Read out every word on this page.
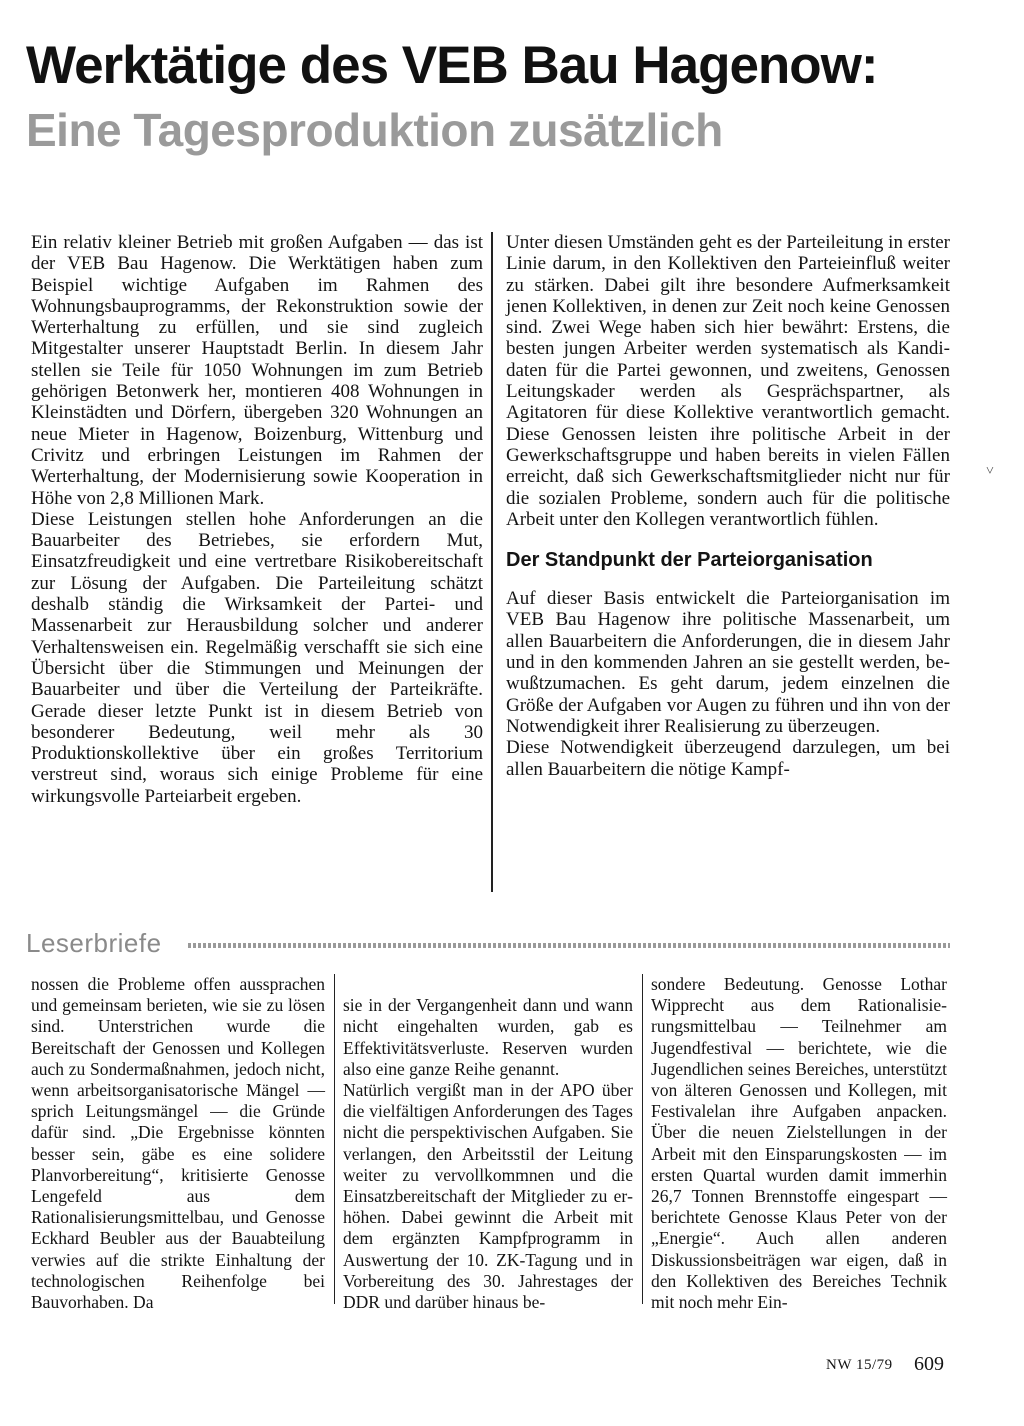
Werktätige des VEB Bau Hagenow:
Eine Tagesproduktion zusätzlich

Ein relativ kleiner Betrieb mit großen Aufgaben — das ist der VEB Bau Hagenow. Die Werktätigen haben zum Beispiel wichtige Aufgaben im Rahmen des Wohnungsbauprogramms, der Rekonstruktion sowie der Werterhaltung zu erfüllen, und sie sind zugleich Mitgestalter unserer Hauptstadt Berlin. In diesem Jahr stellen sie Teile für 1050 Wohnungen im zum Betrieb gehörigen Betonwerk her, montieren 408 Wohnungen in Kleinstädten und Dörfern, übergeben 320 Wohnungen an neue Mieter in Hagenow, Boizenburg, Wittenburg und Crivitz und erbringen Leistungen im Rahmen der Werterhaltung, der Modernisierung sowie Kooperation in Höhe von 2,8 Millionen Mark.

Diese Leistungen stellen hohe Anforderungen an die Bauarbeiter des Betriebes, sie erfordern Mut, Einsatzfreudigkeit und eine vertretbare Risikobereitschaft zur Lösung der Aufgaben. Die Parteileitung schätzt deshalb ständig die Wirksamkeit der Partei- und Massenarbeit zur Herausbildung solcher und anderer Verhaltensweisen ein. Regelmäßig verschafft sie sich eine Übersicht über die Stimmungen und Meinungen der Bauarbeiter und über die Verteilung der Parteikräfte. Gerade dieser letzte Punkt ist in diesem Betrieb von besonderer Bedeutung, weil mehr als 30 Produktionskollektive über ein großes Territorium verstreut sind, woraus sich einige Probleme für eine wirkungsvolle Parteiarbeit ergeben.

Unter diesen Umständen geht es der Parteileitung in erster Linie darum, in den Kollektiven den Parteieinfluß weiter zu stärken. Dabei gilt ihre besondere Aufmerksamkeit jenen Kollektiven, in denen zur Zeit noch keine Genossen sind. Zwei Wege haben sich hier bewährt: Erstens, die besten jungen Arbeiter werden systematisch als Kandidaten für die Partei gewonnen, und zweitens, Genossen Leitungskader werden als Gesprächspartner, als Agitatoren für diese Kollektive verantwortlich gemacht. Diese Genossen leisten ihre politische Arbeit in der Gewerkschaftsgruppe und haben bereits in vielen Fällen erreicht, daß sich Gewerkschaftsmitglieder nicht nur für die sozialen Probleme, sondern auch für die politische Arbeit unter den Kollegen verantwortlich fühlen.

Der Standpunkt der Parteiorganisation

Auf dieser Basis entwickelt die Parteiorganisation im VEB Bau Hagenow ihre politische Massenarbeit, um allen Bauarbeitern die Anforderungen, die in diesem Jahr und in den kommenden Jahren an sie gestellt werden, bewußtzumachen. Es geht darum, jedem einzelnen die Größe der Aufgaben vor Augen zu führen und ihn von der Notwendigkeit ihrer Realisierung zu überzeugen.

Diese Notwendigkeit überzeugend darzulegen, um bei allen Bauarbeitern die nötige Kampf-

˅
Leserbriefe

nossen die Probleme offen aussprachen und gemeinsam berieten, wie sie zu lösen sind. Unterstrichen wurde die Bereitschaft der Genossen und Kollegen auch zu Sondermaßnahmen, jedoch nicht, wenn arbeitsorganisatorische Mängel — sprich Leitungsmängel — die Gründe dafür sind. „Die Ergebnisse könnten besser sein, gäbe es eine solidere Planvorbereitung“, kritisierte Genosse Lengefeld aus dem Rationalisierungsmittelbau, und Genosse Eckhard Beubler aus der Bauabteilung verwies auf die strikte Einhaltung der technologischen Reihenfolge bei Bauvorhaben. Da

sie in der Vergangenheit dann und wann nicht eingehalten wurden, gab es Effektivitätsverluste. Reserven wurden also eine ganze Reihe genannt.
Natürlich vergißt man in der APO über die vielfältigen Anforderungen des Tages nicht die perspektivischen Aufgaben. Sie verlangen, den Arbeitsstil der Leitung weiter zu vervollkommnen und die Einsatzbereitschaft der Mitglieder zu erhöhen. Dabei gewinnt die Arbeit mit dem ergänzten Kampfprogramm in Auswertung der 10. ZK-Tagung und in Vorbereitung des 30. Jahrestages der DDR und darüber hinaus be-

sondere Bedeutung. Genosse Lothar Wipprecht aus dem Rationalisierungsmittelbau — Teilnehmer am Jugendfestival — berichtete, wie die Jugendlichen seines Bereiches, unterstützt von älteren Genossen und Kollegen, mit Festivalelan ihre Aufgaben anpacken. Über die neuen Zielstellungen in der Arbeit mit den Einsparungskosten — im ersten Quartal wurden damit immerhin 26,7 Tonnen Brennstoffe eingespart — berichtete Genosse Klaus Peter von der „Energie“. Auch allen anderen Diskussionsbeiträgen war eigen, daß in den Kollektiven des Bereiches Technik mit noch mehr Ein-

NW 15/79 609
